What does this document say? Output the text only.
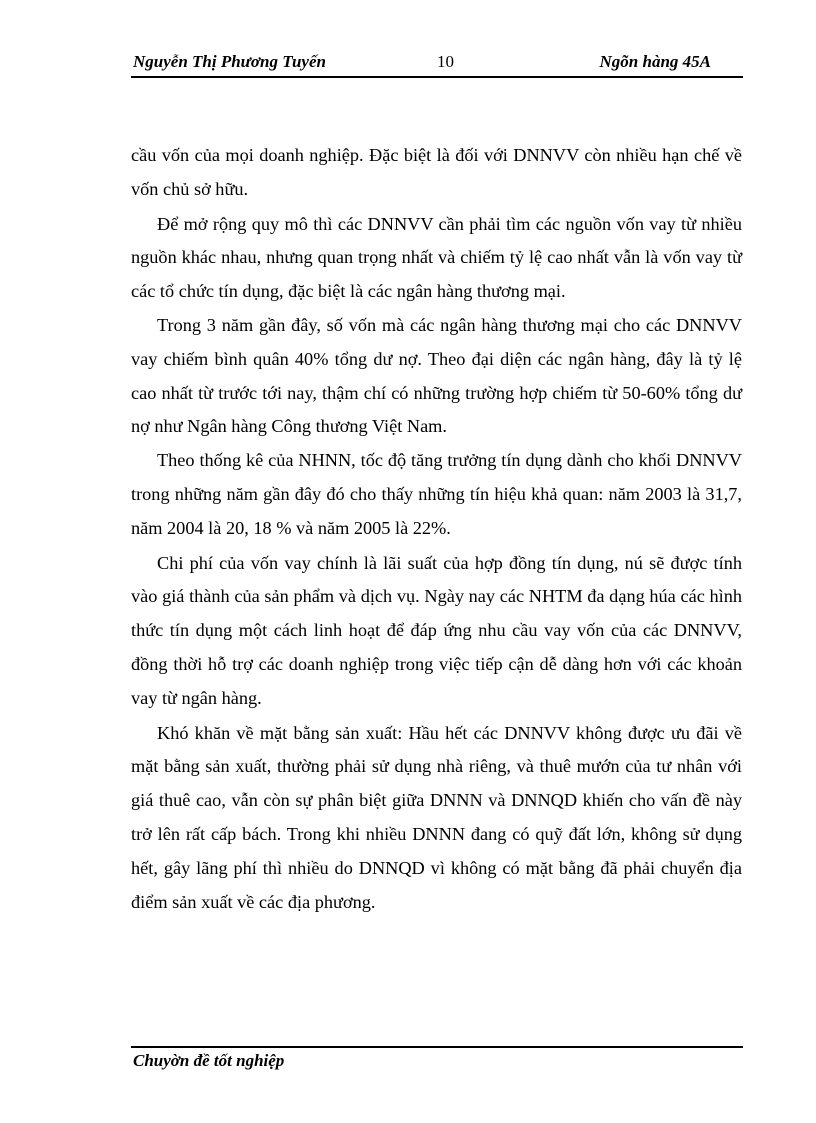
Nguyễn Thị Phương Tuyến	10	Ngõn hàng 45A

cầu vốn của mọi doanh nghiệp. Đặc biệt là đối với DNNVV còn nhiều hạn chế về vốn chủ sở hữu.

Để mở rộng quy mô thì các DNNVV cần phải tìm các nguồn vốn vay từ nhiều nguồn khác nhau, nhưng quan trọng nhất và chiếm tỷ lệ cao nhất vẫn là vốn vay từ các tổ chức tín dụng, đặc biệt là các ngân hàng thương mại.

Trong 3 năm gần đây, số vốn mà các ngân hàng thương mại cho các DNNVV vay chiếm bình quân 40% tổng dư nợ. Theo đại diện các ngân hàng, đây là tỷ lệ cao nhất từ trước tới nay, thậm chí có những trường hợp chiếm từ 50-60% tổng dư nợ như Ngân hàng Công thương Việt Nam.

Theo thống kê của NHNN, tốc độ tăng trưởng tín dụng dành cho khối DNNVV trong những năm gần đây đó cho thấy những tín hiệu khả quan: năm 2003 là 31,7, năm 2004 là 20, 18 % và năm 2005 là 22%.

Chi phí của vốn vay chính là lãi suất của hợp đồng tín dụng, nú sẽ được tính vào giá thành của sản phẩm và dịch vụ. Ngày nay các NHTM đa dạng húa các hình thức tín dụng một cách linh hoạt để đáp ứng nhu cầu vay vốn của các DNNVV, đồng thời hỗ trợ các doanh nghiệp trong việc tiếp cận dễ dàng hơn với các khoản vay từ ngân hàng.

Khó khăn về mặt bằng sản xuất: Hầu hết các DNNVV không được ưu đãi về mặt bằng sản xuất, thường phải sử dụng nhà riêng, và thuê mướn của tư nhân với giá thuê cao, vẫn còn sự phân biệt giữa DNNN và DNNQD khiến cho vấn đề này trở lên rất cấp bách. Trong khi nhiều DNNN đang có quỹ đất lớn, không sử dụng hết, gây lãng phí thì nhiều do DNNQD vì không có mặt bằng đã phải chuyển địa điểm sản xuất về các địa phương.

Chuyờn đề tốt nghiệp
